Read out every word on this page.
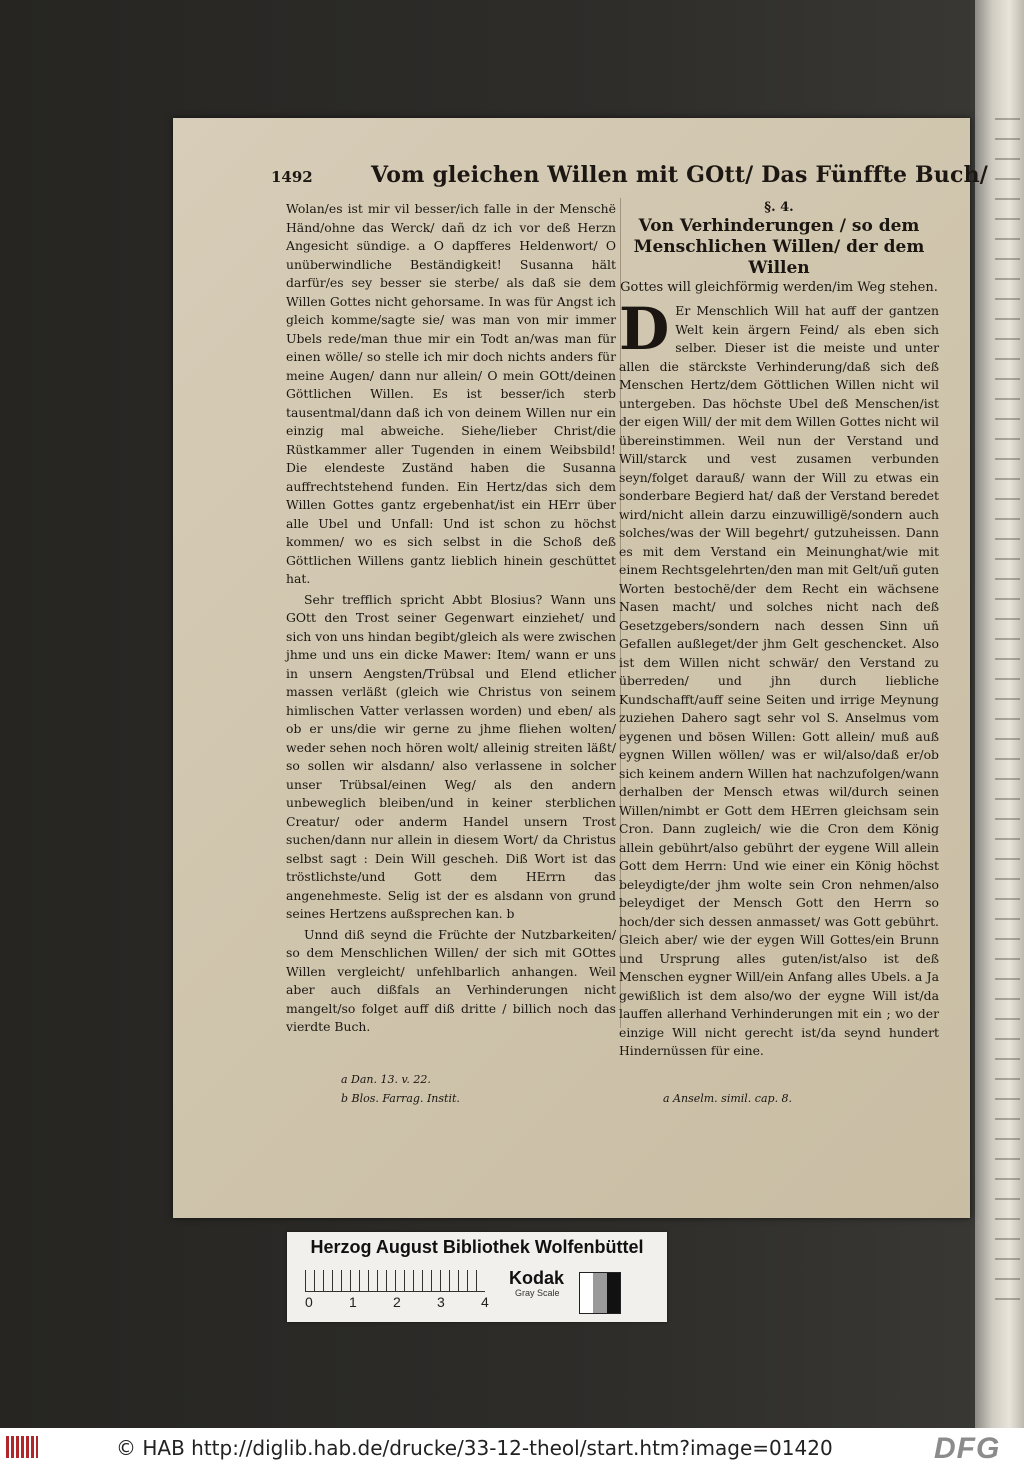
1492	Vom gleichen Willen mit GOtt/ Das Fünffte Buch/

Wolan/es ist mir vil besser/ich falle in der Menschë Händ/ohne das Werck/ dañ dz ich vor deß Herzn Angesicht sündige. a O dapfferes Heldenwort/ O unüberwindliche Beständigkeit! Susanna hält darfür/es sey besser sie sterbe/ als daß sie dem Willen Gottes nicht gehorsame. In was für Angst ich gleich komme/sagte sie/ was man von mir immer Ubels rede/man thue mir ein Todt an/was man für einen wölle/ so stelle ich mir doch nichts anders für meine Augen/ dann nur allein/ O mein GOtt/deinen Göttlichen Willen. Es ist besser/ich sterb tausentmal/dann daß ich von deinem Willen nur ein einzig mal abweiche. Siehe/lieber Christ/die Rüstkammer aller Tugenden in einem Weibsbild! Die elendeste Zuständ haben die Susanna auffrechtstehend funden. Ein Hertz/das sich dem Willen Gottes gantz ergebenhat/ist ein HErr über alle Ubel und Unfall: Und ist schon zu höchst kommen/ wo es sich selbst in die Schoß deß Göttlichen Willens gantz lieblich hinein geschüttet hat.

Sehr trefflich spricht Abbt Blosius? Wann uns GOtt den Trost seiner Gegenwart einziehet/ und sich von uns hindan begibt/gleich als were zwischen jhme und uns ein dicke Mawer: Item/ wann er uns in unsern Aengsten/Trübsal und Elend etlicher massen verläßt (gleich wie Christus von seinem himlischen Vatter verlassen worden) und eben/ als ob er uns/die wir gerne zu jhme fliehen wolten/ weder sehen noch hören wolt/ alleinig streiten läßt/ so sollen wir alsdann/ also verlassene in solcher unser Trübsal/einen Weg/ als den andern unbeweglich bleiben/und in keiner sterblichen Creatur/ oder anderm Handel unsern Trost suchen/dann nur allein in diesem Wort/ da Christus selbst sagt : Dein Will gescheh. Diß Wort ist das tröstlichste/und Gott dem HErrn das angenehmeste. Selig ist der es alsdann von grund seines Hertzens außsprechen kan. b

Unnd diß seynd die Früchte der Nutzbarkeiten/ so dem Menschlichen Willen/ der sich mit GOttes Willen vergleicht/ unfehlbarlich anhangen. Weil aber auch dißfals an Verhinderungen nicht mangelt/so folget auff diß dritte / billich noch das vierdte Buch.

§. 4.
Von Verhinderungen / so dem Menschlichen Willen/ der dem Willen
Gottes will gleichförmig werden/im Weg stehen.
D Er Menschlich Will hat auff der gantzen Welt kein ärgern Feind/ als eben sich selber. Dieser ist die meiste und unter allen die stärckste Verhinderung/daß sich deß Menschen Hertz/dem Göttlichen Willen nicht wil untergeben. Das höchste Ubel deß Menschen/ist der eigen Will/ der mit dem Willen Gottes nicht wil übereinstimmen. Weil nun der Verstand und Will/starck und vest zusamen verbunden seyn/folget darauß/ wann der Will zu etwas ein sonderbare Begierd hat/ daß der Verstand beredet wird/nicht allein darzu einzuwilligë/sondern auch solches/was der Will begehrt/ gutzuheissen. Dann es mit dem Verstand ein Meinunghat/wie mit einem Rechtsgelehrten/den man mit Gelt/uñ guten Worten bestochë/der dem Recht ein wächsene Nasen macht/ und solches nicht nach deß Gesetzgebers/sondern nach dessen Sinn uñ Gefallen außleget/der jhm Gelt geschencket. Also ist dem Willen nicht schwär/ den Verstand zu überreden/ und jhn durch liebliche Kundschafft/auff seine Seiten und irrige Meynung zuziehen Dahero sagt sehr vol S. Anselmus vom eygenen und bösen Willen: Gott allein/ muß auß eygnen Willen wöllen/ was er wil/also/daß er/ob sich keinem andern Willen hat nachzufolgen/wann derhalben der Mensch etwas wil/durch seinen Willen/nimbt er Gott dem HErren gleichsam sein Cron. Dann zugleich/ wie die Cron dem König allein gebührt/also gebührt der eygene Will allein Gott dem Herrn: Und wie einer ein König höchst beleydigte/der jhm wolte sein Cron nehmen/also beleydiget der Mensch Gott den Herrn so hoch/der sich dessen anmasset/ was Gott gebührt. Gleich aber/ wie der eygen Will Gottes/ein Brunn und Ursprung alles guten/ist/also ist deß Menschen eygner Will/ein Anfang alles Ubels. a Ja gewißlich ist dem also/wo der eygne Will ist/da lauffen allerhand Verhinderungen mit ein ; wo der einzige Will nicht gerecht ist/da seynd hundert Hindernüssen für eine.

a Dan. 13. v. 22.
b Blos. Farrag. Instit.	a Anselm. simil. cap. 8.
Herzog August Bibliothek Wolfenbüttel
0	1	2	3	4
Kodak
Gray Scale
© HAB http://diglib.hab.de/drucke/33-12-theol/start.htm?image=01420	DFG
